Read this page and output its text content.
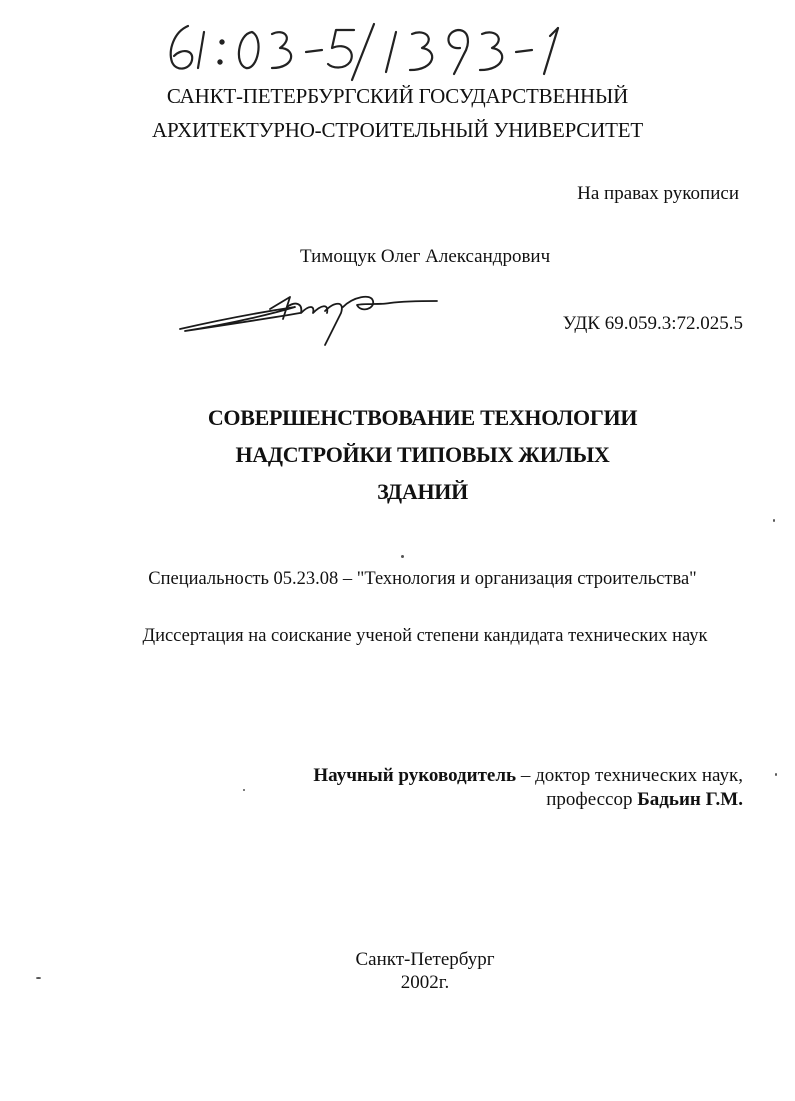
САНКТ-ПЕТЕРБУРГСКИЙ ГОСУДАРСТВЕННЫЙ
АРХИТЕКТУРНО-СТРОИТЕЛЬНЫЙ УНИВЕРСИТЕТ
На правах рукописи
Тимощук Олег Александрович
УДК 69.059.3:72.025.5
СОВЕРШЕНСТВОВАНИЕ ТЕХНОЛОГИИ
НАДСТРОЙКИ ТИПОВЫХ ЖИЛЫХ
ЗДАНИЙ
Специальность 05.23.08 – "Технология и организация строительства"
Диссертация на соискание ученой степени кандидата технических наук
Научный руководитель – доктор технических наук,
профессор Бадьин Г.М.
Санкт-Петербург
2002г.
